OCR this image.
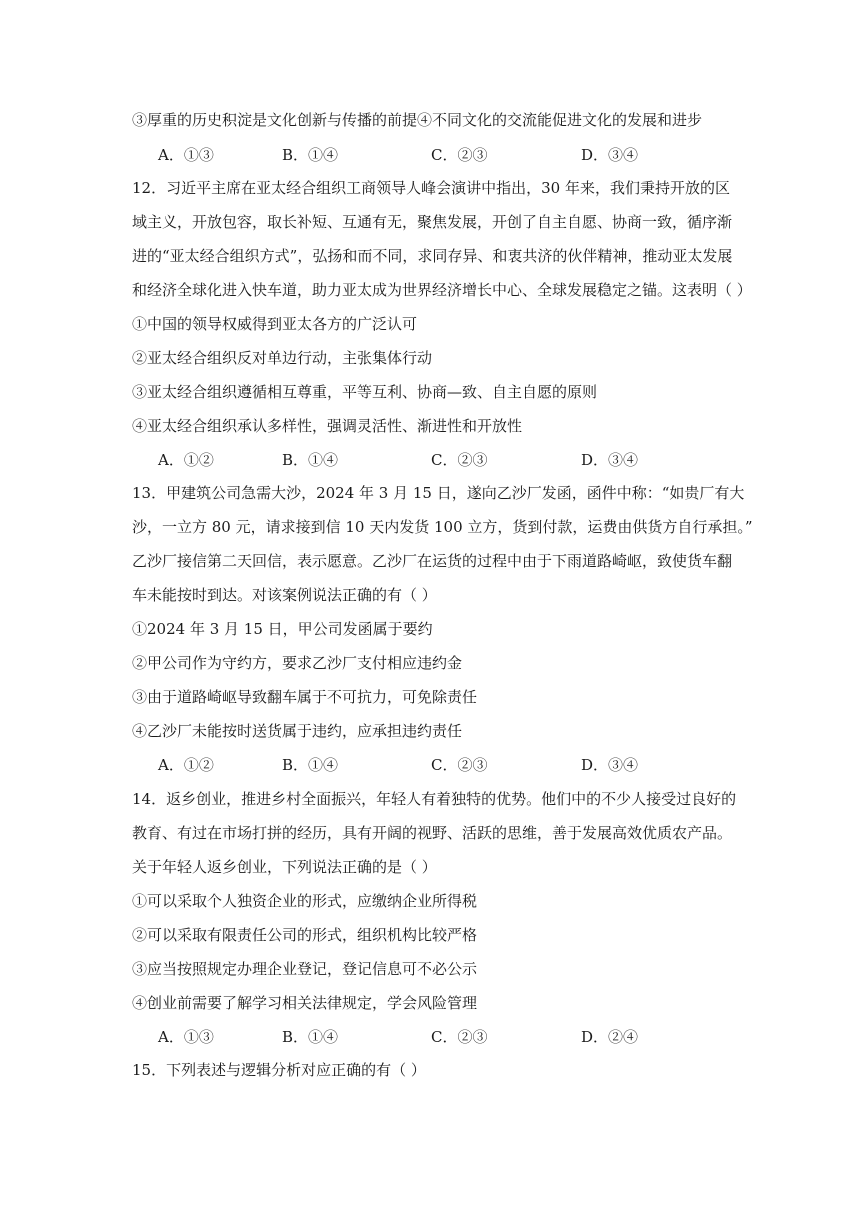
③厚重的历史积淀是文化创新与传播的前提④不同文化的交流能促进文化的发展和进步
A．①③	B．①④	C．②③	D．③④
12．习近平主席在亚太经合组织工商领导人峰会演讲中指出，30 年来，我们秉持开放的区
域主义，开放包容，取长补短、互通有无，聚焦发展，开创了自主自愿、协商一致，循序渐
进的“亚太经合组织方式”，弘扬和而不同，求同存异、和衷共济的伙伴精神，推动亚太发展
和经济全球化进入快车道，助力亚太成为世界经济增长中心、全球发展稳定之锚。这表明（ ）
①中国的领导权威得到亚太各方的广泛认可
②亚太经合组织反对单边行动，主张集体行动
③亚太经合组织遵循相互尊重，平等互利、协商—致、自主自愿的原则
④亚太经合组织承认多样性，强调灵活性、渐进性和开放性
A．①②	B．①④	C．②③	D．③④
13．甲建筑公司急需大沙，2024 年 3 月 15 日，遂向乙沙厂发函，函件中称：“如贵厂有大
沙，一立方 80 元，请求接到信 10 天内发货 100 立方，货到付款，运费由供货方自行承担。”
乙沙厂接信第二天回信，表示愿意。乙沙厂在运货的过程中由于下雨道路崎岖，致使货车翻
车未能按时到达。对该案例说法正确的有（ ）
①2024 年 3 月 15 日，甲公司发函属于要约
②甲公司作为守约方，要求乙沙厂支付相应违约金
③由于道路崎岖导致翻车属于不可抗力，可免除责任
④乙沙厂未能按时送货属于违约，应承担违约责任
A．①②	B．①④	C．②③	D．③④
14．返乡创业，推进乡村全面振兴，年轻人有着独特的优势。他们中的不少人接受过良好的
教育、有过在市场打拼的经历，具有开阔的视野、活跃的思维，善于发展高效优质农产品。
关于年轻人返乡创业，下列说法正确的是（ ）
①可以采取个人独资企业的形式，应缴纳企业所得税
②可以采取有限责任公司的形式，组织机构比较严格
③应当按照规定办理企业登记，登记信息可不必公示
④创业前需要了解学习相关法律规定，学会风险管理
A．①③	B．①④	C．②③	D．②④
15．下列表述与逻辑分析对应正确的有（ ）
